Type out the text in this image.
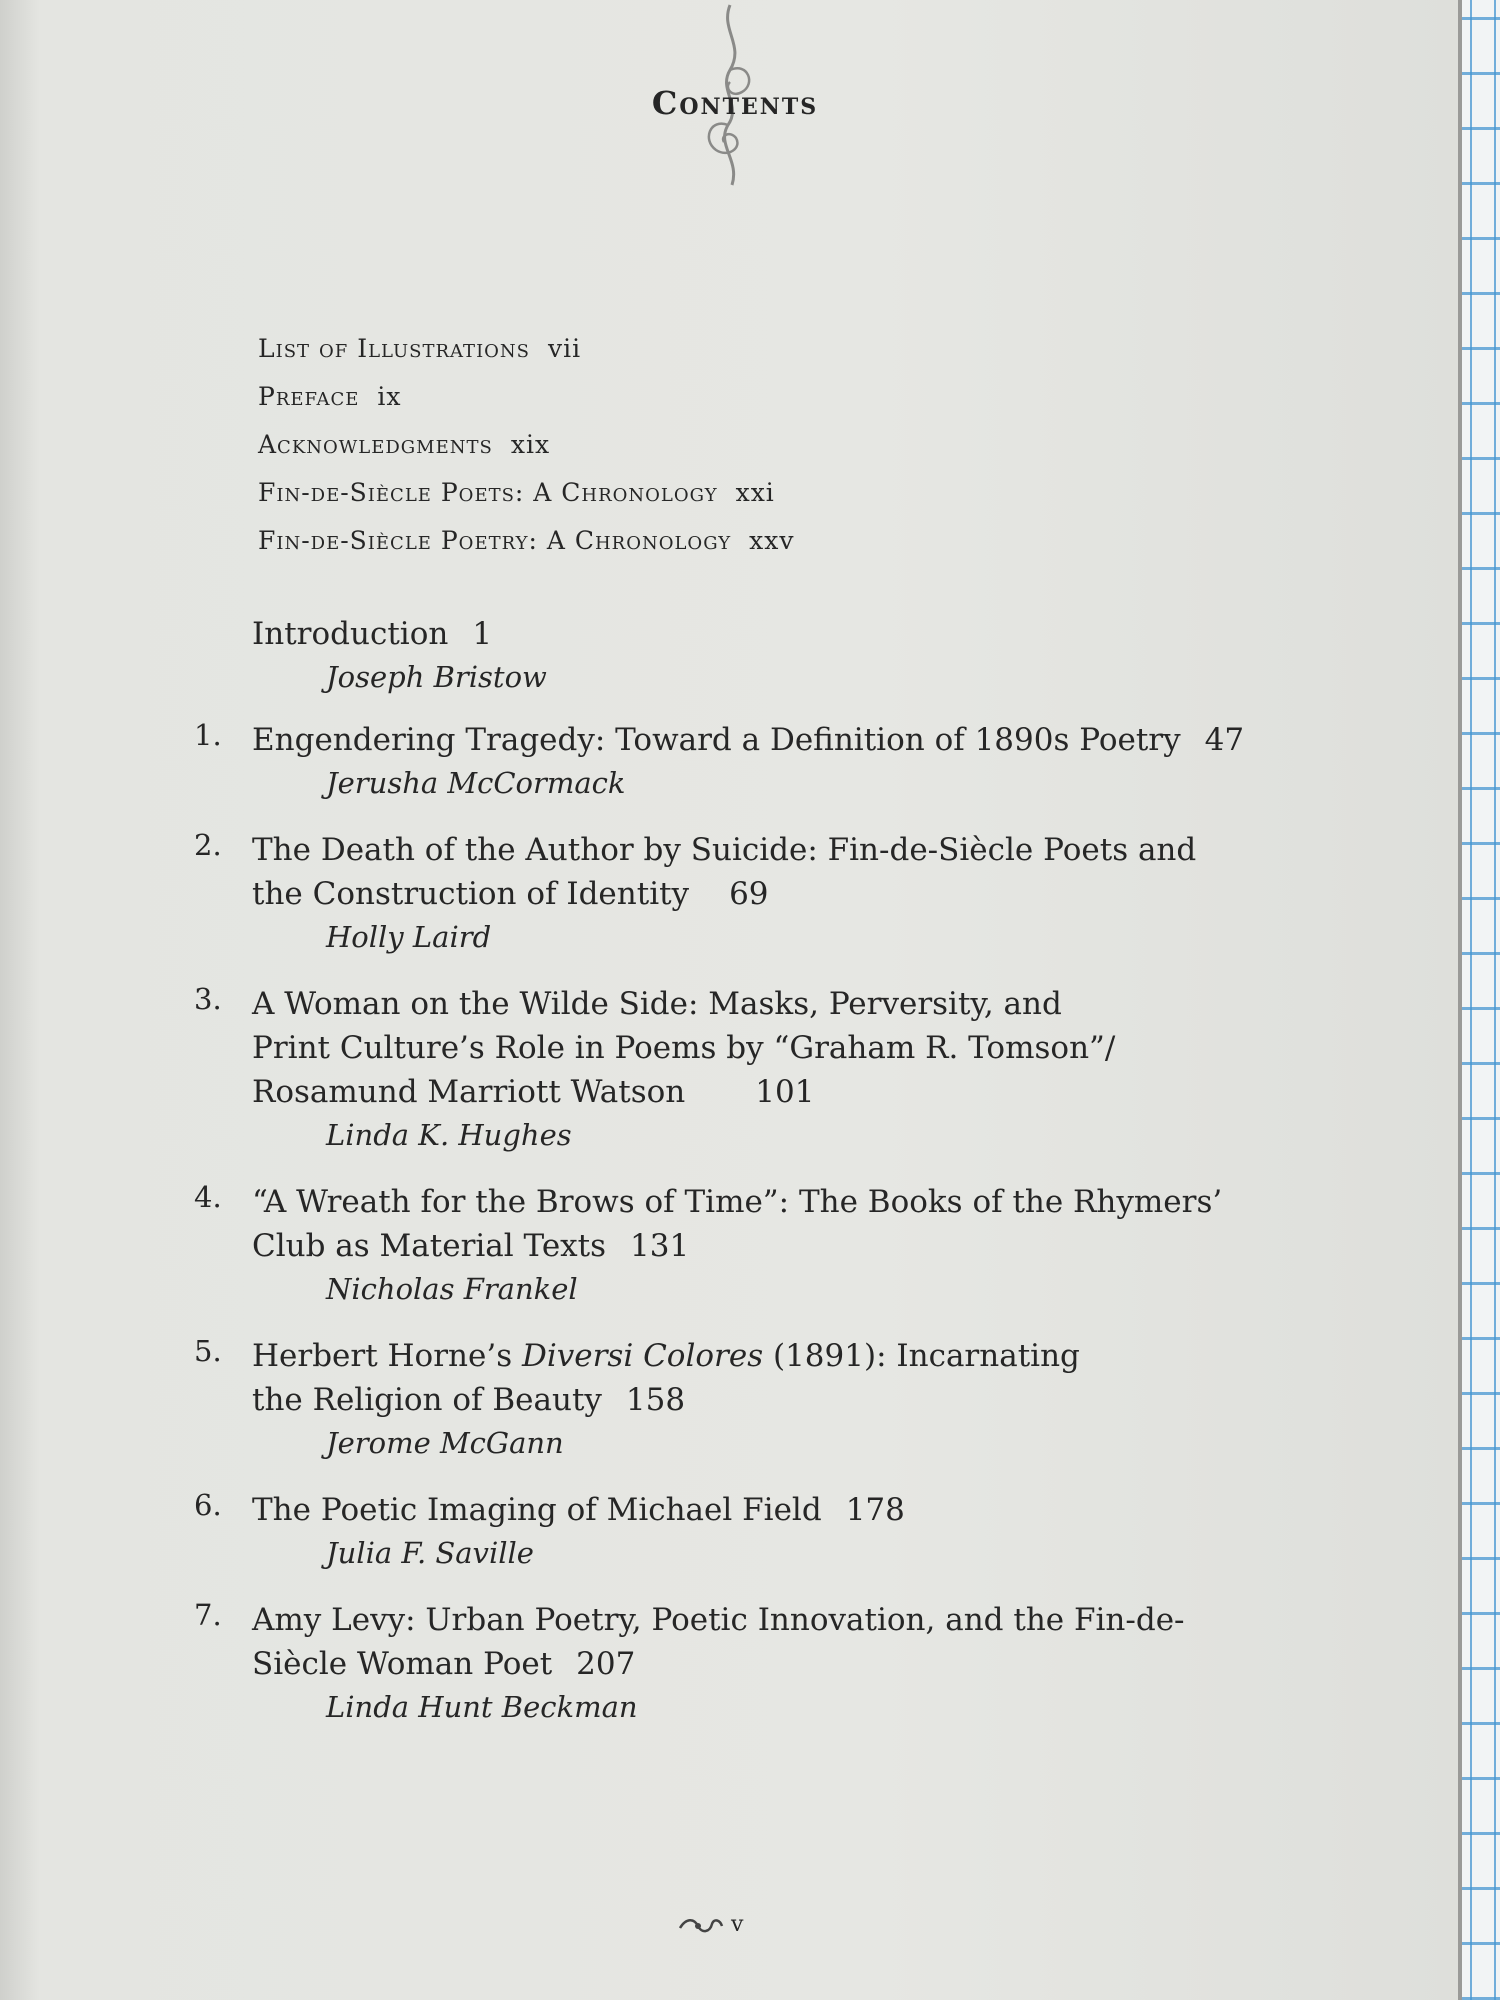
Contents
List of Illustrations vii
Preface ix
Acknowledgments xix
Fin-de-Siècle Poets: A Chronology xxi
Fin-de-Siècle Poetry: A Chronology xxv
Introduction 1
Joseph Bristow
1. Engendering Tragedy: Toward a Definition of 1890s Poetry 47
Jerusha McCormack
2. The Death of the Author by Suicide: Fin-de-Siècle Poets and the Construction of Identity 69
Holly Laird
3. A Woman on the Wilde Side: Masks, Perversity, and Print Culture’s Role in Poems by “Graham R. Tomson”/ Rosamund Marriott Watson 101
Linda K. Hughes
4. “A Wreath for the Brows of Time”: The Books of the Rhymers’ Club as Material Texts 131
Nicholas Frankel
5. Herbert Horne’s Diversi Colores (1891): Incarnating the Religion of Beauty 158
Jerome McGann
6. The Poetic Imaging of Michael Field 178
Julia F. Saville
7. Amy Levy: Urban Poetry, Poetic Innovation, and the Fin-de-Siècle Woman Poet 207
Linda Hunt Beckman
v
